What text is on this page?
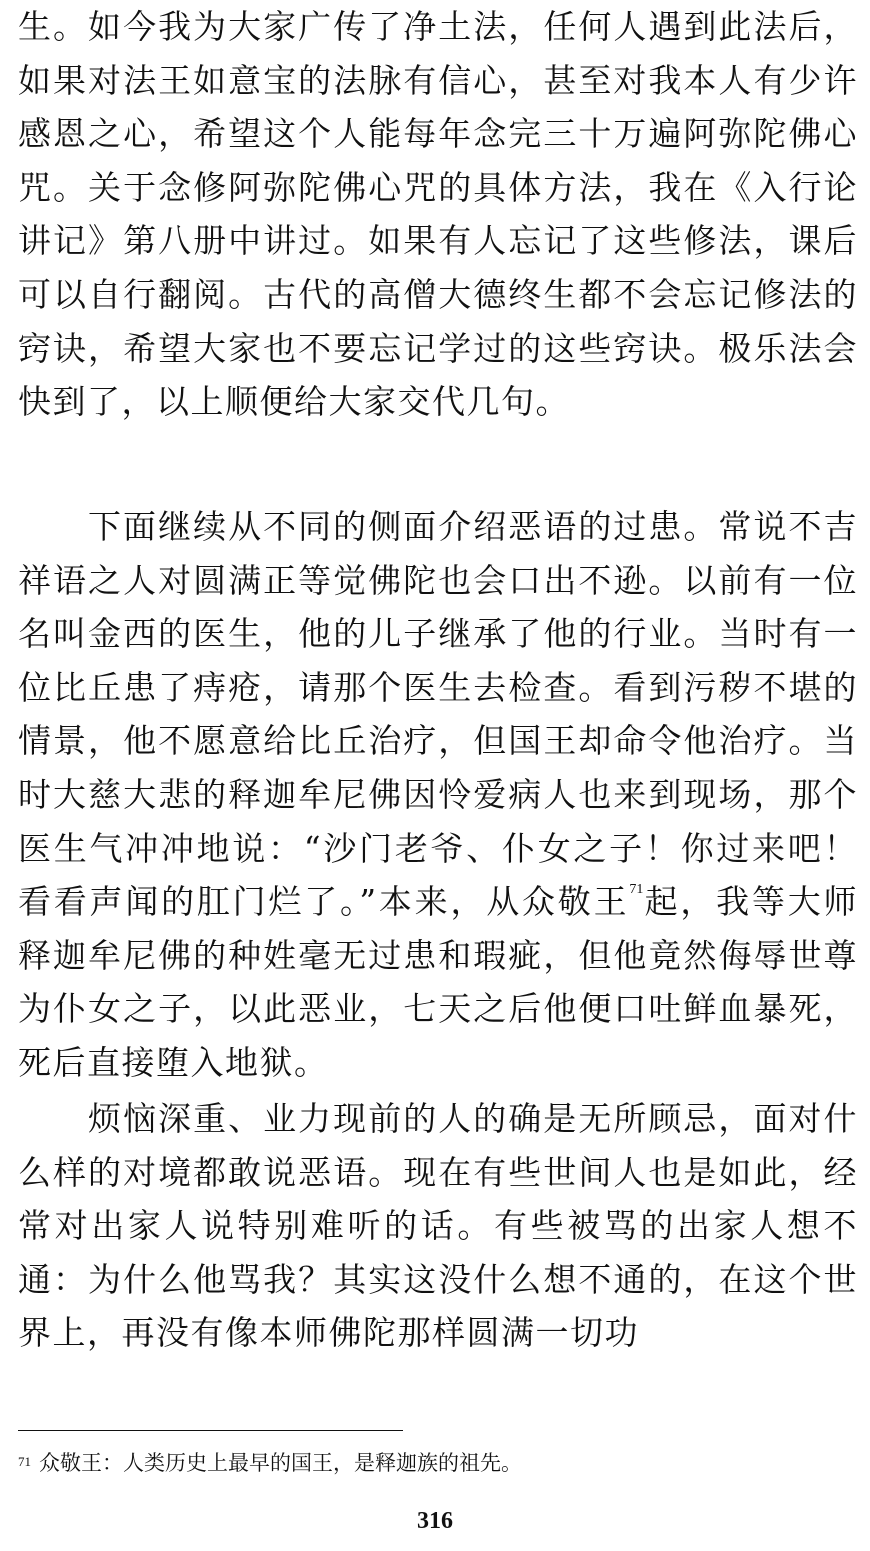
生。如今我为大家广传了净土法，任何人遇到此法后，如果对法王如意宝的法脉有信心，甚至对我本人有少许感恩之心，希望这个人能每年念完三十万遍阿弥陀佛心咒。关于念修阿弥陀佛心咒的具体方法，我在《入行论讲记》第八册中讲过。如果有人忘记了这些修法，课后可以自行翻阅。古代的高僧大德终生都不会忘记修法的窍诀，希望大家也不要忘记学过的这些窍诀。极乐法会快到了，以上顺便给大家交代几句。

下面继续从不同的侧面介绍恶语的过患。常说不吉祥语之人对圆满正等觉佛陀也会口出不逊。以前有一位名叫金西的医生，他的儿子继承了他的行业。当时有一位比丘患了痔疮，请那个医生去检查。看到污秽不堪的情景，他不愿意给比丘治疗，但国王却命令他治疗。当时大慈大悲的释迦牟尼佛因怜爱病人也来到现场，那个医生气冲冲地说：“沙门老爷、仆女之子！你过来吧！看看声闻的肛门烂了。”本来，从众敬王$^{71}$起，我等大师释迦牟尼佛的种姓毫无过患和瑕疵，但他竟然侮辱世尊为仆女之子，以此恶业，七天之后他便口吐鲜血暴死，死后直接堕入地狱。

烦恼深重、业力现前的人的确是无所顾忌，面对什么样的对境都敢说恶语。现在有些世间人也是如此，经常对出家人说特别难听的话。有些被骂的出家人想不通：为什么他骂我？其实这没什么想不通的，在这个世界上，再没有像本师佛陀那样圆满一切功

$^{71}$ 众敬王：人类历史上最早的国王，是释迦族的祖先。

316
